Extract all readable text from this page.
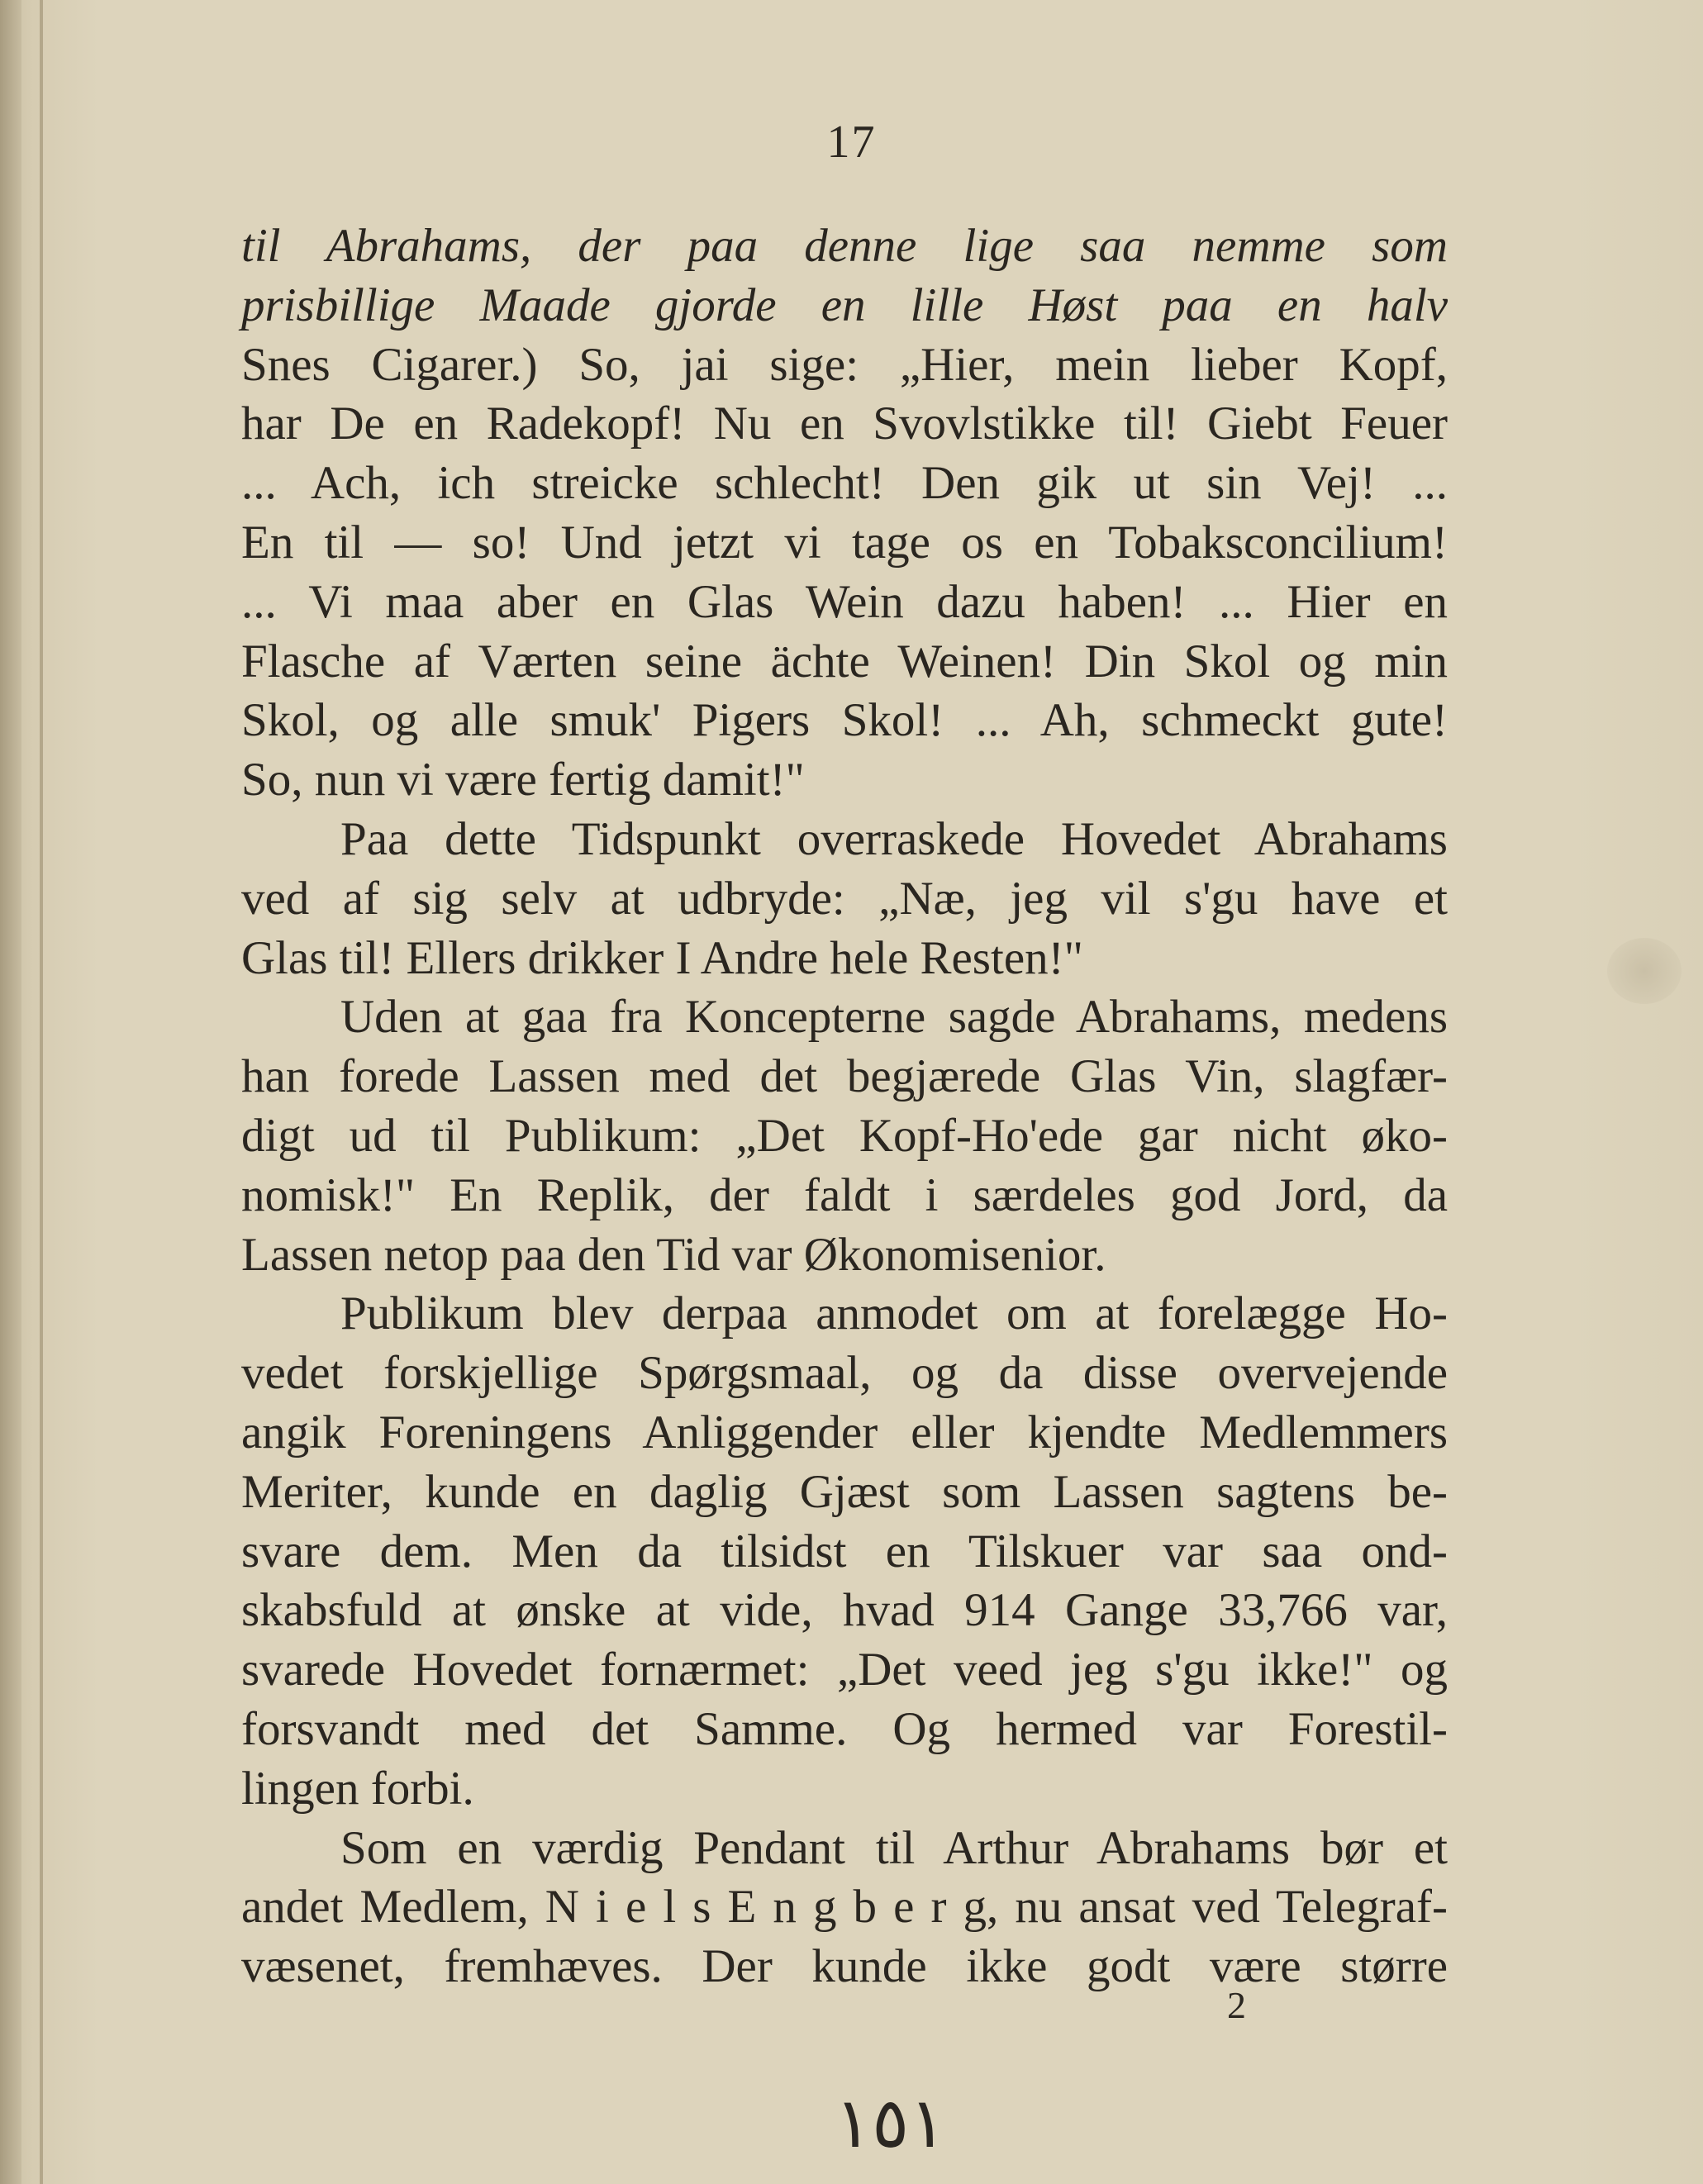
17
til Abrahams, der paa denne lige saa nemme som
prisbillige Maade gjorde en lille Høst paa en halv
Snes Cigarer.) So, jai sige: „Hier, mein lieber Kopf,
har De en Radekopf! Nu en Svovlstikke til! Giebt Feuer
... Ach, ich streicke schlecht! Den gik ut sin Vej! ...
En til — so! Und jetzt vi tage os en Tobaksconcilium!
... Vi maa aber en Glas Wein dazu haben! ... Hier en
Flasche af Værten seine ächte Weinen! Din Skol og min
Skol, og alle smuk' Pigers Skol! ... Ah, schmeckt gute!
So, nun vi være fertig damit!"
Paa dette Tidspunkt overraskede Hovedet Abrahams
ved af sig selv at udbryde: „Næ, jeg vil s'gu have et
Glas til! Ellers drikker I Andre hele Resten!"
Uden at gaa fra Koncepterne sagde Abrahams, medens
han forede Lassen med det begjærede Glas Vin, slagfær-
digt ud til Publikum: „Det Kopf-Ho'ede gar nicht øko-
nomisk!" En Replik, der faldt i særdeles god Jord, da
Lassen netop paa den Tid var Økonomisenior.
Publikum blev derpaa anmodet om at forelægge Ho-
vedet forskjellige Spørgsmaal, og da disse overvejende
angik Foreningens Anliggender eller kjendte Medlemmers
Meriter, kunde en daglig Gjæst som Lassen sagtens be-
svare dem. Men da tilsidst en Tilskuer var saa ond-
skabsfuld at ønske at vide, hvad 914 Gange 33,766 var,
svarede Hovedet fornærmet: „Det veed jeg s'gu ikke!" og
forsvandt med det Samme. Og hermed var Forestil-
lingen forbi.
Som en værdig Pendant til Arthur Abrahams bør et
andet Medlem, N i e l s E n g b e r g, nu ansat ved Telegraf-
væsenet, fremhæves. Der kunde ikke godt være større
2
١٥١
